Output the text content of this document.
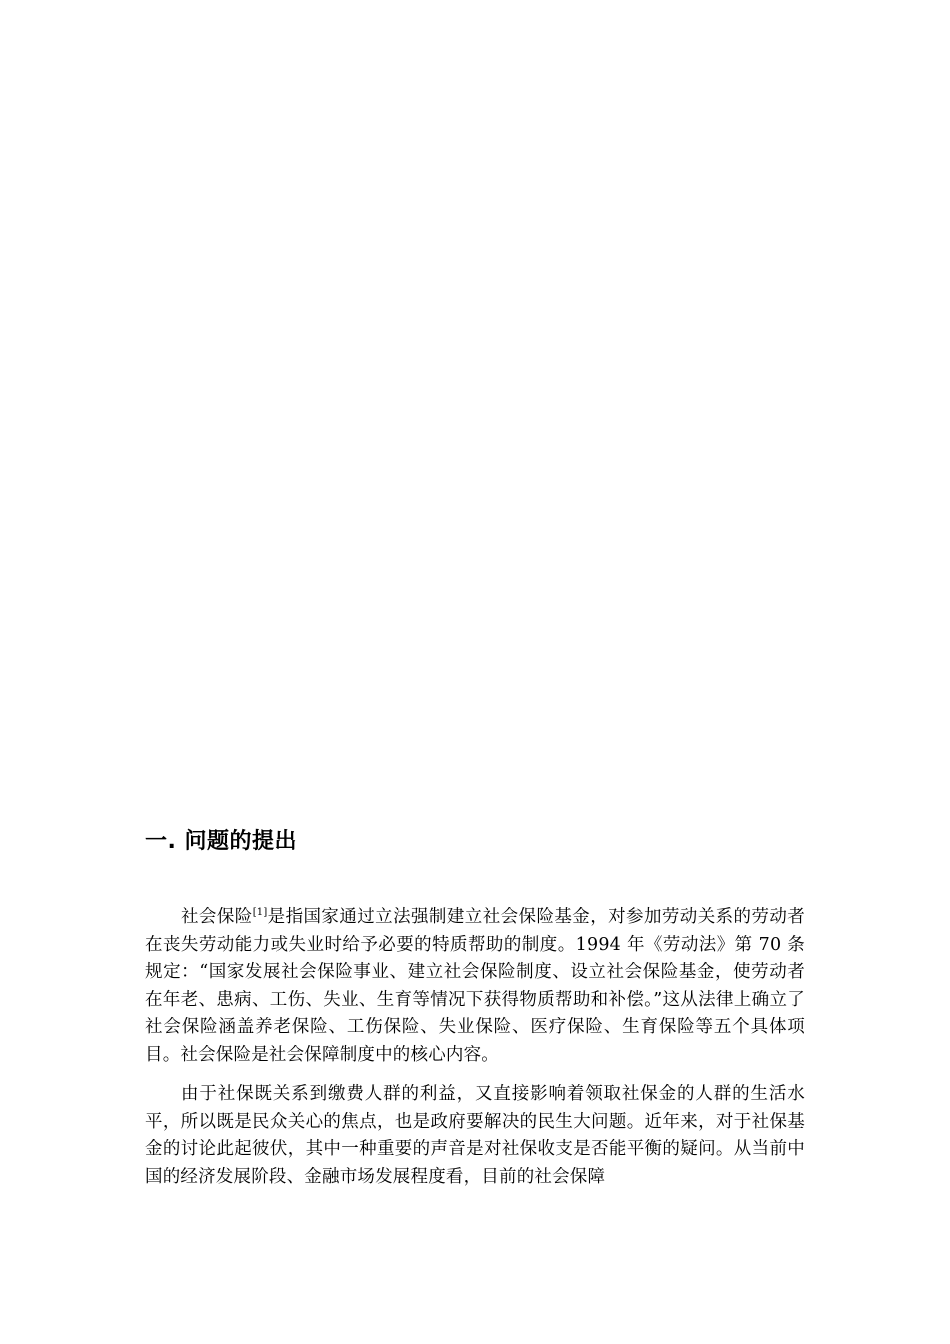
一. 问题的提出

社会保险[1]是指国家通过立法强制建立社会保险基金，对参加劳动关系的劳动者在丧失劳动能力或失业时给予必要的特质帮助的制度。1994 年《劳动法》第 70 条规定：“国家发展社会保险事业、建立社会保险制度、设立社会保险基金，使劳动者在年老、患病、工伤、失业、生育等情况下获得物质帮助和补偿。”这从法律上确立了社会保险涵盖养老保险、工伤保险、失业保险、医疗保险、生育保险等五个具体项目。社会保险是社会保障制度中的核心内容。

由于社保既关系到缴费人群的利益，又直接影响着领取社保金的人群的生活水平，所以既是民众关心的焦点，也是政府要解决的民生大问题。近年来，对于社保基金的讨论此起彼伏，其中一种重要的声音是对社保收支是否能平衡的疑问。从当前中国的经济发展阶段、金融市场发展程度看，目前的社会保障
